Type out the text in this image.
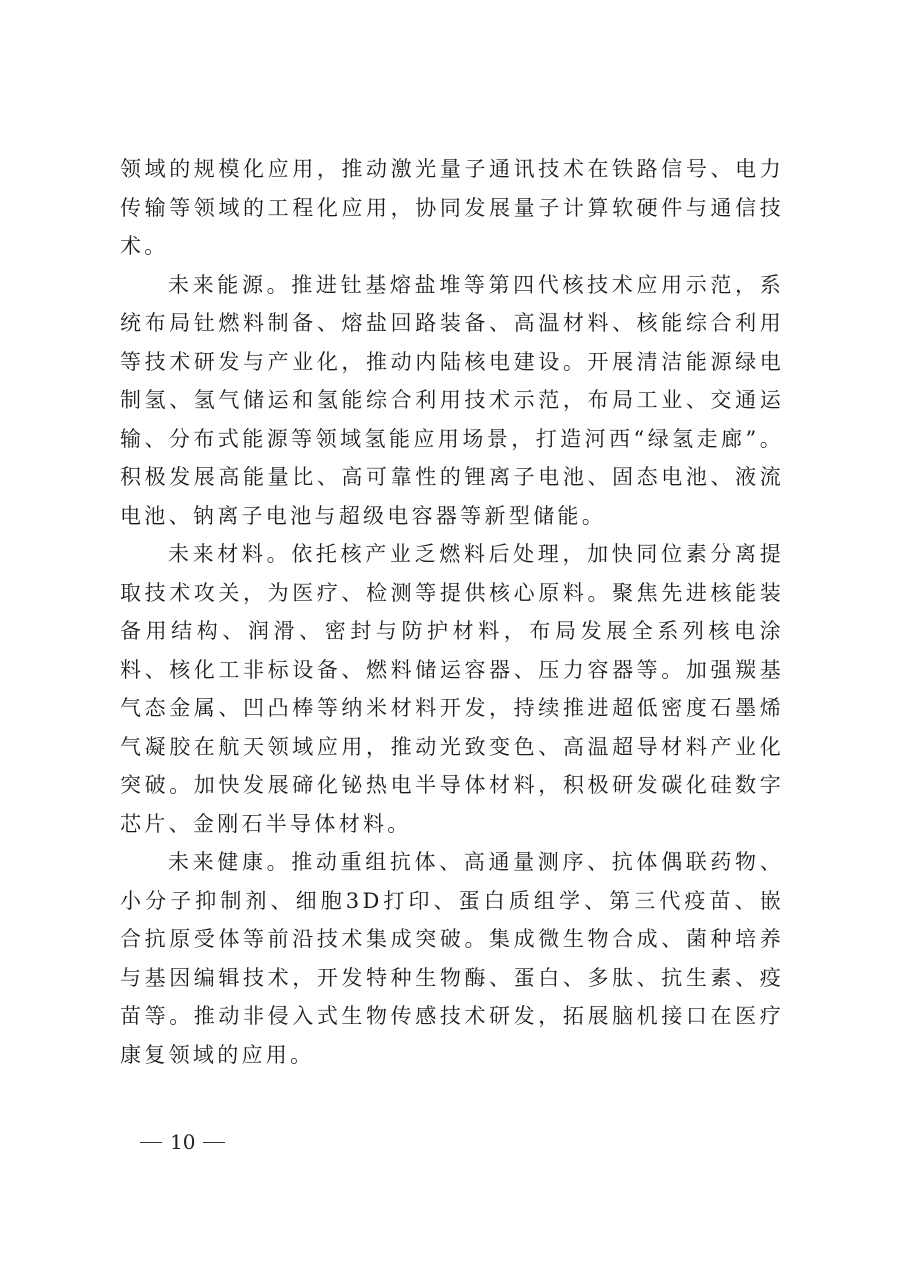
领域的规模化应用，推动激光量子通讯技术在铁路信号、电力传输等领域的工程化应用，协同发展量子计算软硬件与通信技术。

未来能源。推进钍基熔盐堆等第四代核技术应用示范，系统布局钍燃料制备、熔盐回路装备、高温材料、核能综合利用等技术研发与产业化，推动内陆核电建设。开展清洁能源绿电制氢、氢气储运和氢能综合利用技术示范，布局工业、交通运输、分布式能源等领域氢能应用场景，打造河西“绿氢走廊”。积极发展高能量比、高可靠性的锂离子电池、固态电池、液流电池、钠离子电池与超级电容器等新型储能。

未来材料。依托核产业乏燃料后处理，加快同位素分离提取技术攻关，为医疗、检测等提供核心原料。聚焦先进核能装备用结构、润滑、密封与防护材料，布局发展全系列核电涂料、核化工非标设备、燃料储运容器、压力容器等。加强羰基气态金属、凹凸棒等纳米材料开发，持续推进超低密度石墨烯气凝胶在航天领域应用，推动光致变色、高温超导材料产业化突破。加快发展碲化铋热电半导体材料，积极研发碳化硅数字芯片、金刚石半导体材料。

未来健康。推动重组抗体、高通量测序、抗体偶联药物、小分子抑制剂、细胞3D打印、蛋白质组学、第三代疫苗、嵌合抗原受体等前沿技术集成突破。集成微生物合成、菌种培养与基因编辑技术，开发特种生物酶、蛋白、多肽、抗生素、疫苗等。推动非侵入式生物传感技术研发，拓展脑机接口在医疗康复领域的应用。

10
